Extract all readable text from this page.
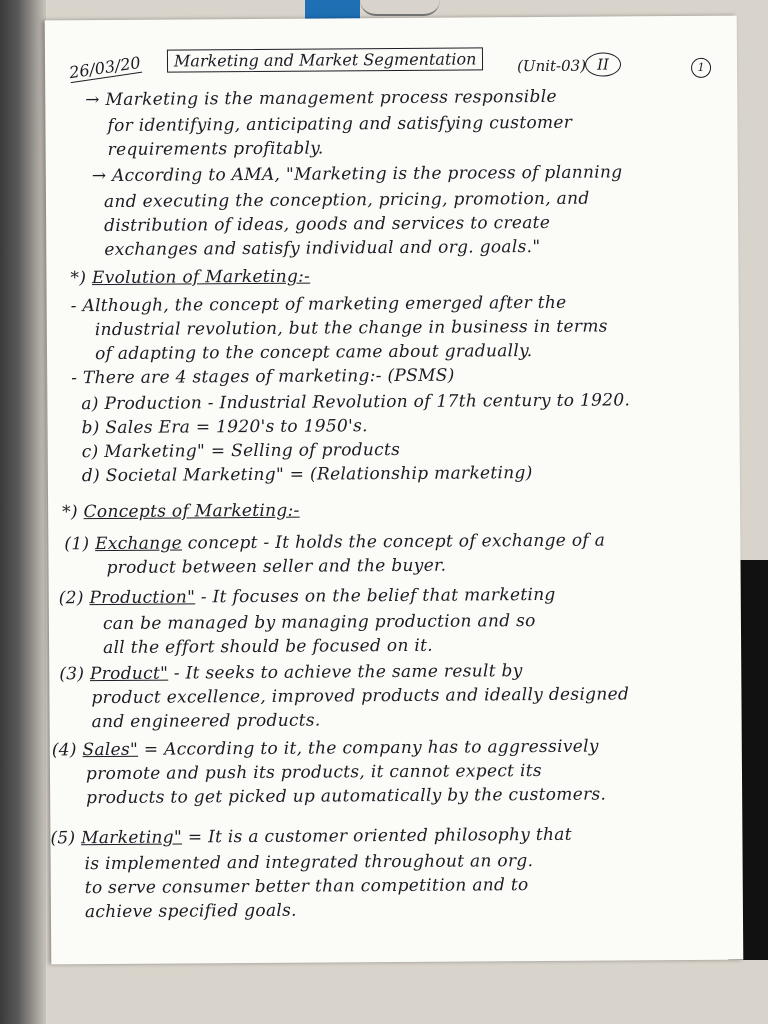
26/03/20	Marketing and Market Segmentation	(Unit-03) II	1
→ Marketing is the management process responsible
for identifying, anticipating and satisfying customer
requirements profitably.
→ According to AMA, "Marketing is the process of planning
and executing the conception, pricing, promotion, and
distribution of ideas, goods and services to create
exchanges and satisfy individual and org. goals."
*) Evolution of Marketing:-
- Although, the concept of marketing emerged after the
industrial revolution, but the change in business in terms
of adapting to the concept came about gradually.
- There are 4 stages of marketing:- (PSMS)
a) Production - Industrial Revolution of 17th century to 1920.
b) Sales Era = 1920's to 1950's.
c) Marketing" = Selling of products
d) Societal Marketing" = (Relationship marketing)
*) Concepts of Marketing:-
(1) Exchange concept - It holds the concept of exchange of a
product between seller and the buyer.
(2) Production" - It focuses on the belief that marketing
can be managed by managing production and so
all the effort should be focused on it.
(3) Product" - It seeks to achieve the same result by
product excellence, improved products and ideally designed
and engineered products.
(4) Sales" = According to it, the company has to aggressively
promote and push its products, it cannot expect its
products to get picked up automatically by the customers.
(5) Marketing" = It is a customer oriented philosophy that
is implemented and integrated throughout an org.
to serve consumer better than competition and to
achieve specified goals.
